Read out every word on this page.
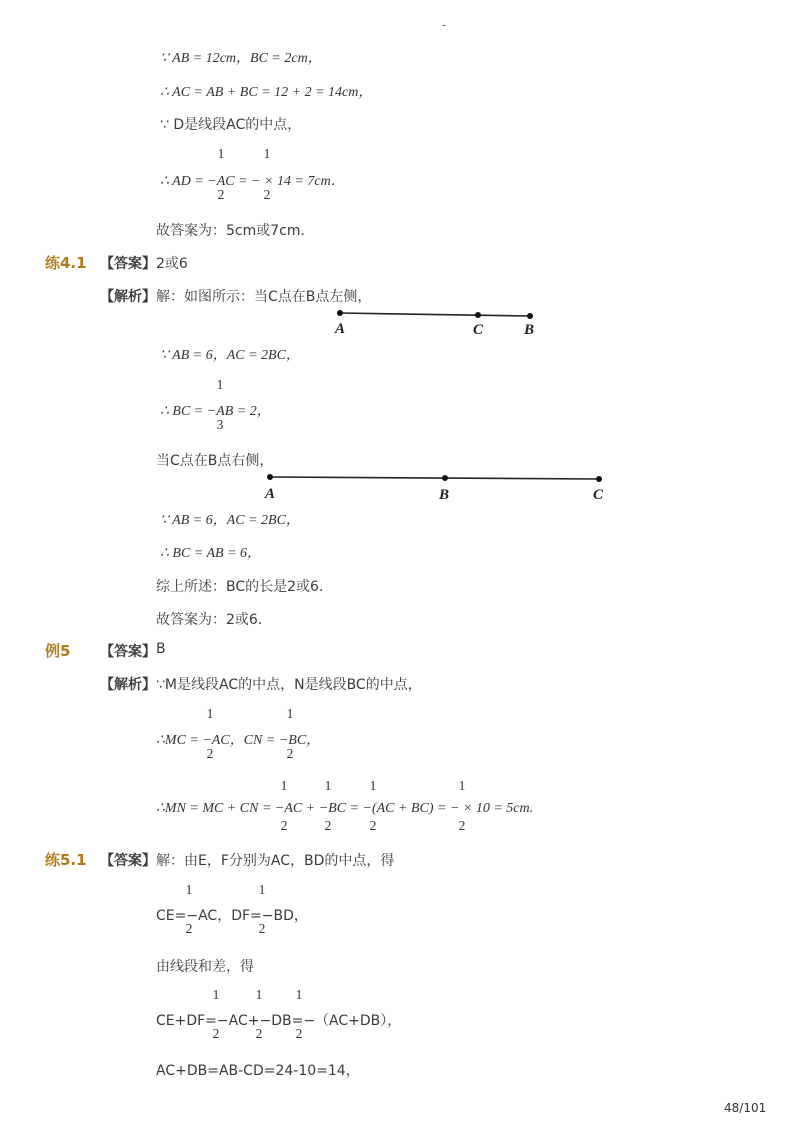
-
∵ AB = 12cm，BC = 2cm，
∴ AC = AB + BC = 12 + 2 = 14cm，
∵ D是线段AC的中点，
1	1
∴ AD = −AC = − × 14 = 7cm．
2	2
故答案为：5cm或7cm．
练4.1 【答案】 2或6
【解析】 解：如图所示：当C点在B点左侧，
A	C	B
∵ AB = 6，AC = 2BC，
1
∴ BC = −AB = 2，
3
当C点在B点右侧，
A	B	C
∵ AB = 6，AC = 2BC，
∴ BC = AB = 6，
综上所述：BC的长是2或6．
故答案为：2或6．
例5 【答案】 B
【解析】 ∵M是线段AC的中点，N是线段BC的中点，
1	1
∴MC = −AC，CN = −BC，
2	2
1	1	1	1
∴MN = MC + CN = −AC + −BC = −(AC + BC) = − × 10 = 5cm.
2	2	2	2
练5.1 【答案】 解：由E，F分别为AC，BD的中点，得
1	1
CE=−AC，DF=−BD，
2	2
由线段和差，得
1	1 1
CE+DF=−AC+−DB=−（AC+DB），
2	2 2
AC+DB=AB-CD=24-10=14，
48/101
